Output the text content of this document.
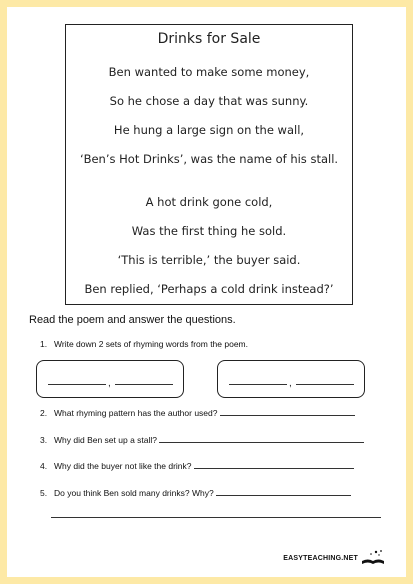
Drinks for Sale
Ben wanted to make some money,
So he chose a day that was sunny.
He hung a large sign on the wall,
‘Ben’s Hot Drinks’, was the name of his stall.
A hot drink gone cold,
Was the first thing he sold.
‘This is terrible,’ the buyer said.
Ben replied, ‘Perhaps a cold drink instead?’
Read the poem and answer the questions.
1. Write down 2 sets of rhyming words from the poem.
,	,
2. What rhyming pattern has the author used?
3. Why did Ben set up a stall?
4. Why did the buyer not like the drink?
5. Do you think Ben sold many drinks? Why?
EASYTEACHING.NET
